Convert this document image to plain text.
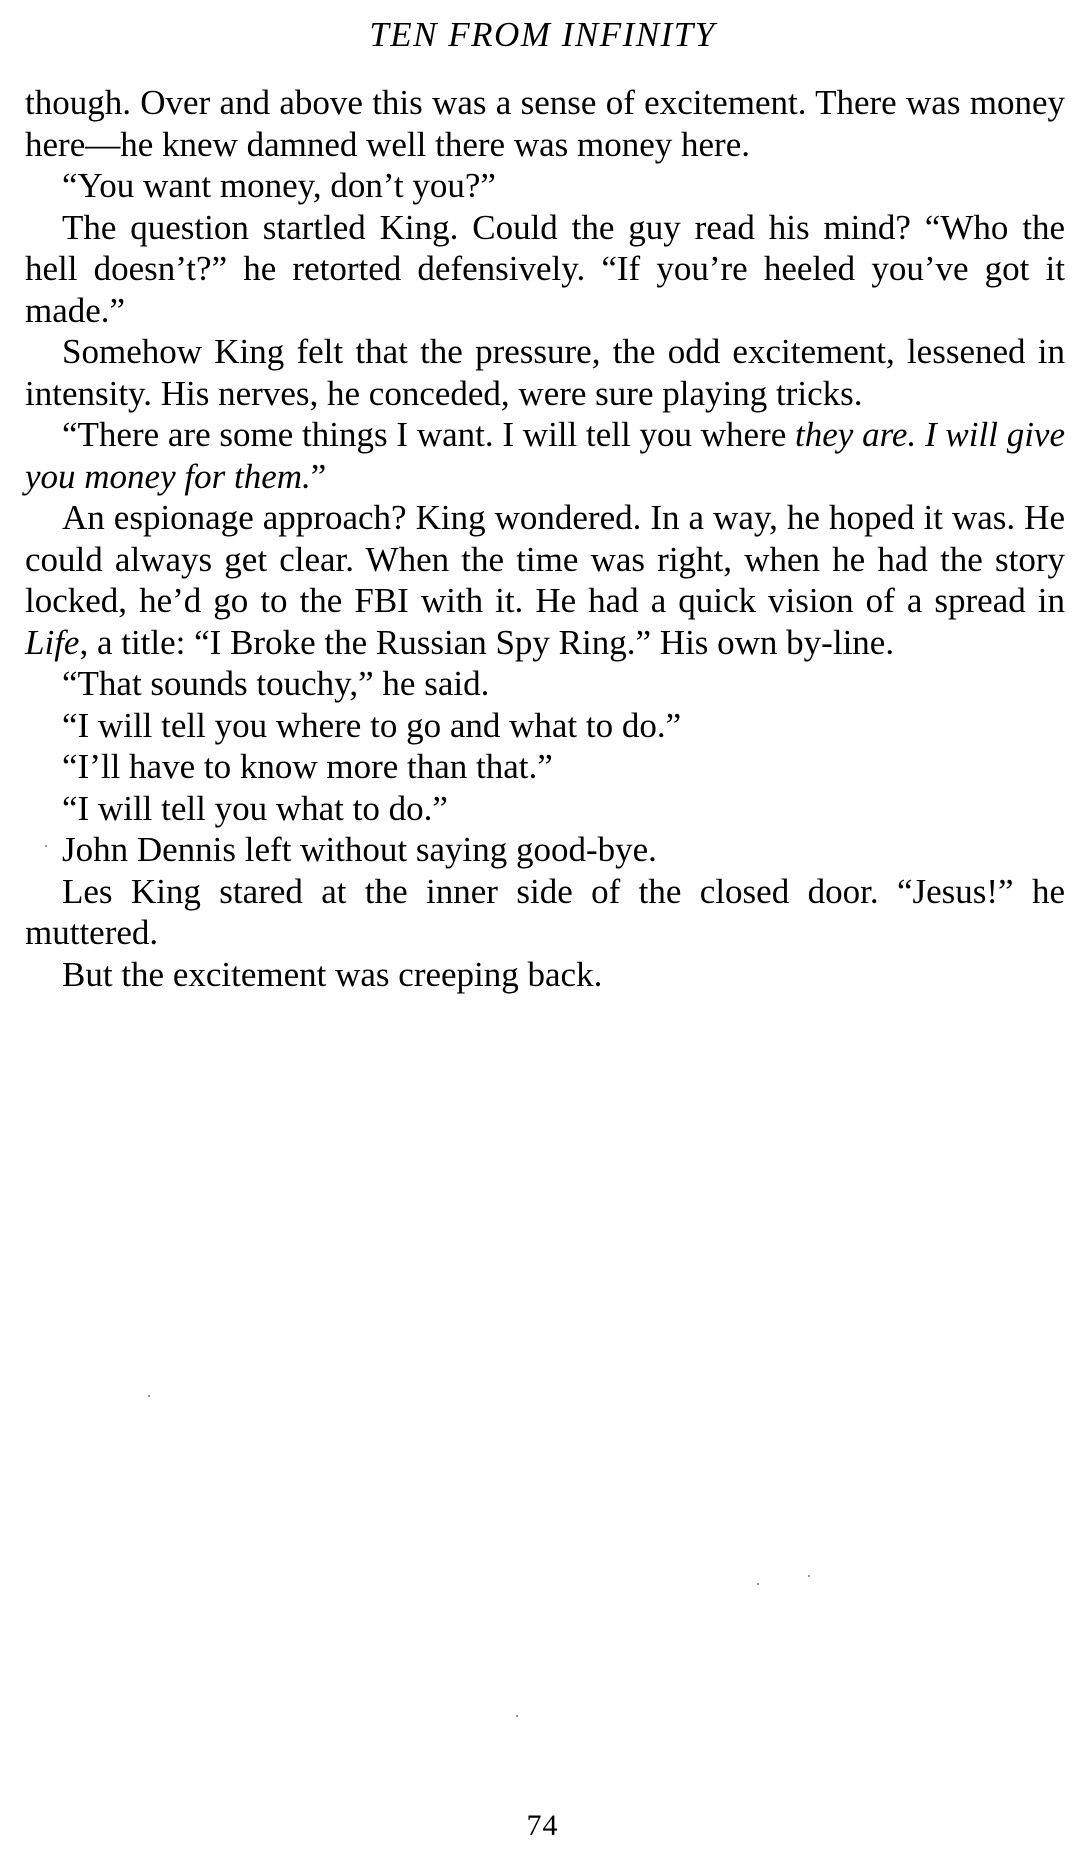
TEN FROM INFINITY

though. Over and above this was a sense of excitement. There was money here—he knew damned well there was money here.

“You want money, don’t you?”

The question startled King. Could the guy read his mind? “Who the hell doesn’t?” he retorted defensively. “If you’re heeled you’ve got it made.”

Somehow King felt that the pressure, the odd excitement, lessened in intensity. His nerves, he conceded, were sure playing tricks.

“There are some things I want. I will tell you where they are. I will give you money for them.”

An espionage approach? King wondered. In a way, he hoped it was. He could always get clear. When the time was right, when he had the story locked, he’d go to the FBI with it. He had a quick vision of a spread in Life, a title: “I Broke the Russian Spy Ring.” His own by-line.

“That sounds touchy,” he said.

“I will tell you where to go and what to do.”

“I’ll have to know more than that.”

“I will tell you what to do.”

John Dennis left without saying good-bye.

Les King stared at the inner side of the closed door. “Jesus!” he muttered.

But the excitement was creeping back.

74
